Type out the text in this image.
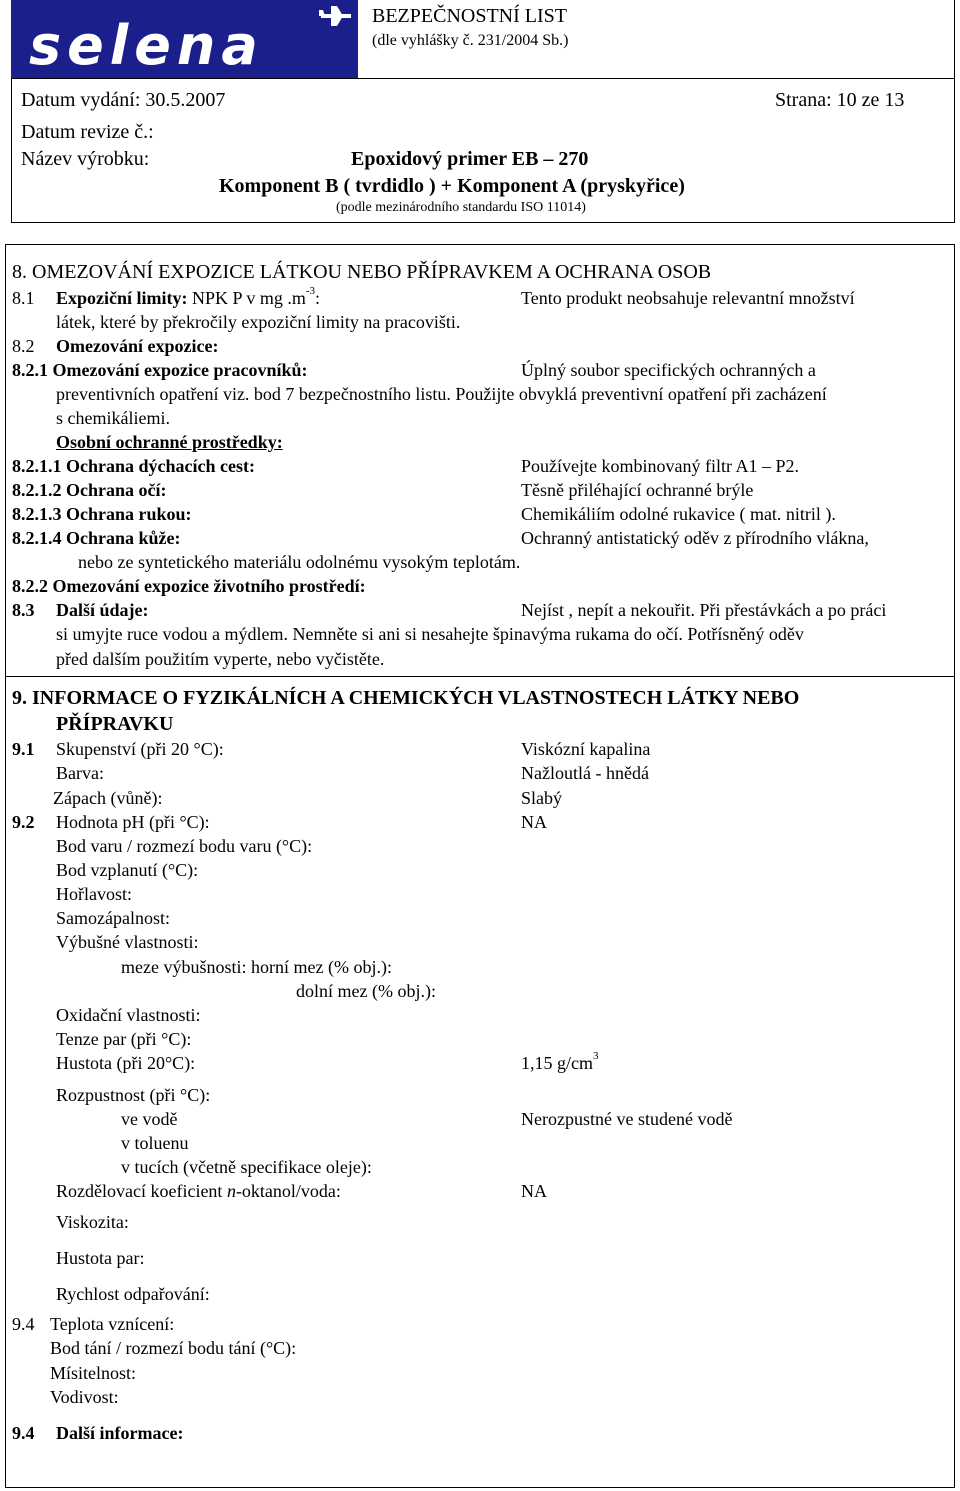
selena	BEZPEČNOSTNÍ LIST
(dle vyhlášky č. 231/2004 Sb.)
Datum vydání: 30.5.2007	Strana: 10 ze 13
Datum revize č.:
Název výrobku:	Epoxidový primer EB – 270
Komponent B ( tvrdidlo ) + Komponent A (pryskyřice)
(podle mezinárodního standardu ISO 11014)
8. OMEZOVÁNÍ EXPOZICE LÁTKOU NEBO PŘÍPRAVKEM A OCHRANA OSOB
8.1 Expoziční limity: NPK P v mg $.m^{-3}$:	Tento produkt neobsahuje relevantní množství
látek, které by překročily expoziční limity na pracovišti.
8.2 Omezování expozice:
8.2.1 Omezování expozice pracovníků:	Úplný soubor specifických ochranných a
preventivních opatření viz. bod 7 bezpečnostního listu. Použijte obvyklá preventivní opatření při zacházení
s chemikáliemi.
Osobní ochranné prostředky:
8.2.1.1 Ochrana dýchacích cest:	Používejte kombinovaný filtr A1 – P2.
8.2.1.2 Ochrana očí:	Těsně přiléhající ochranné brýle
8.2.1.3 Ochrana rukou:	Chemikáliím odolné rukavice ( mat. nitril ).
8.2.1.4 Ochrana kůže:	Ochranný antistatický oděv z přírodního vlákna,
nebo ze syntetického materiálu odolnému vysokým teplotám.
8.2.2 Omezování expozice životního prostředí:
8.3 Další údaje:	Nejíst , nepít a nekouřit. Při přestávkách a po práci
si umyjte ruce vodou a mýdlem. Nemněte si ani si nesahejte špinavýma rukama do očí. Potřísněný oděv
před dalším použitím vyperte, nebo vyčistěte.
9. INFORMACE O FYZIKÁLNÍCH A CHEMICKÝCH VLASTNOSTECH LÁTKY NEBO
PŘÍPRAVKU
9.1 Skupenství (při 20 °C):	Viskózní kapalina
Barva:	Nažloutlá - hnědá
Zápach (vůně):	Slabý
9.2 Hodnota pH (při °C):	NA
Bod varu / rozmezí bodu varu (°C):
Bod vzplanutí (°C):
Hořlavost:
Samozápalnost:
Výbušné vlastnosti:
meze výbušnosti: horní mez (% obj.):
dolní mez (% obj.):
Oxidační vlastnosti:
Tenze par (při °C):
Hustota (při 20°C):	1,15 $g/cm^3$
Rozpustnost (při °C):
ve vodě	Nerozpustné ve studené vodě
v toluenu
v tucích (včetně specifikace oleje):
Rozdělovací koeficient n-oktanol/voda:	NA
Viskozita:
Hustota par:
Rychlost odpařování:
9.4 Teplota vznícení:
Bod tání / rozmezí bodu tání (°C):
Mísitelnost:
Vodivost:
9.4 Další informace:
